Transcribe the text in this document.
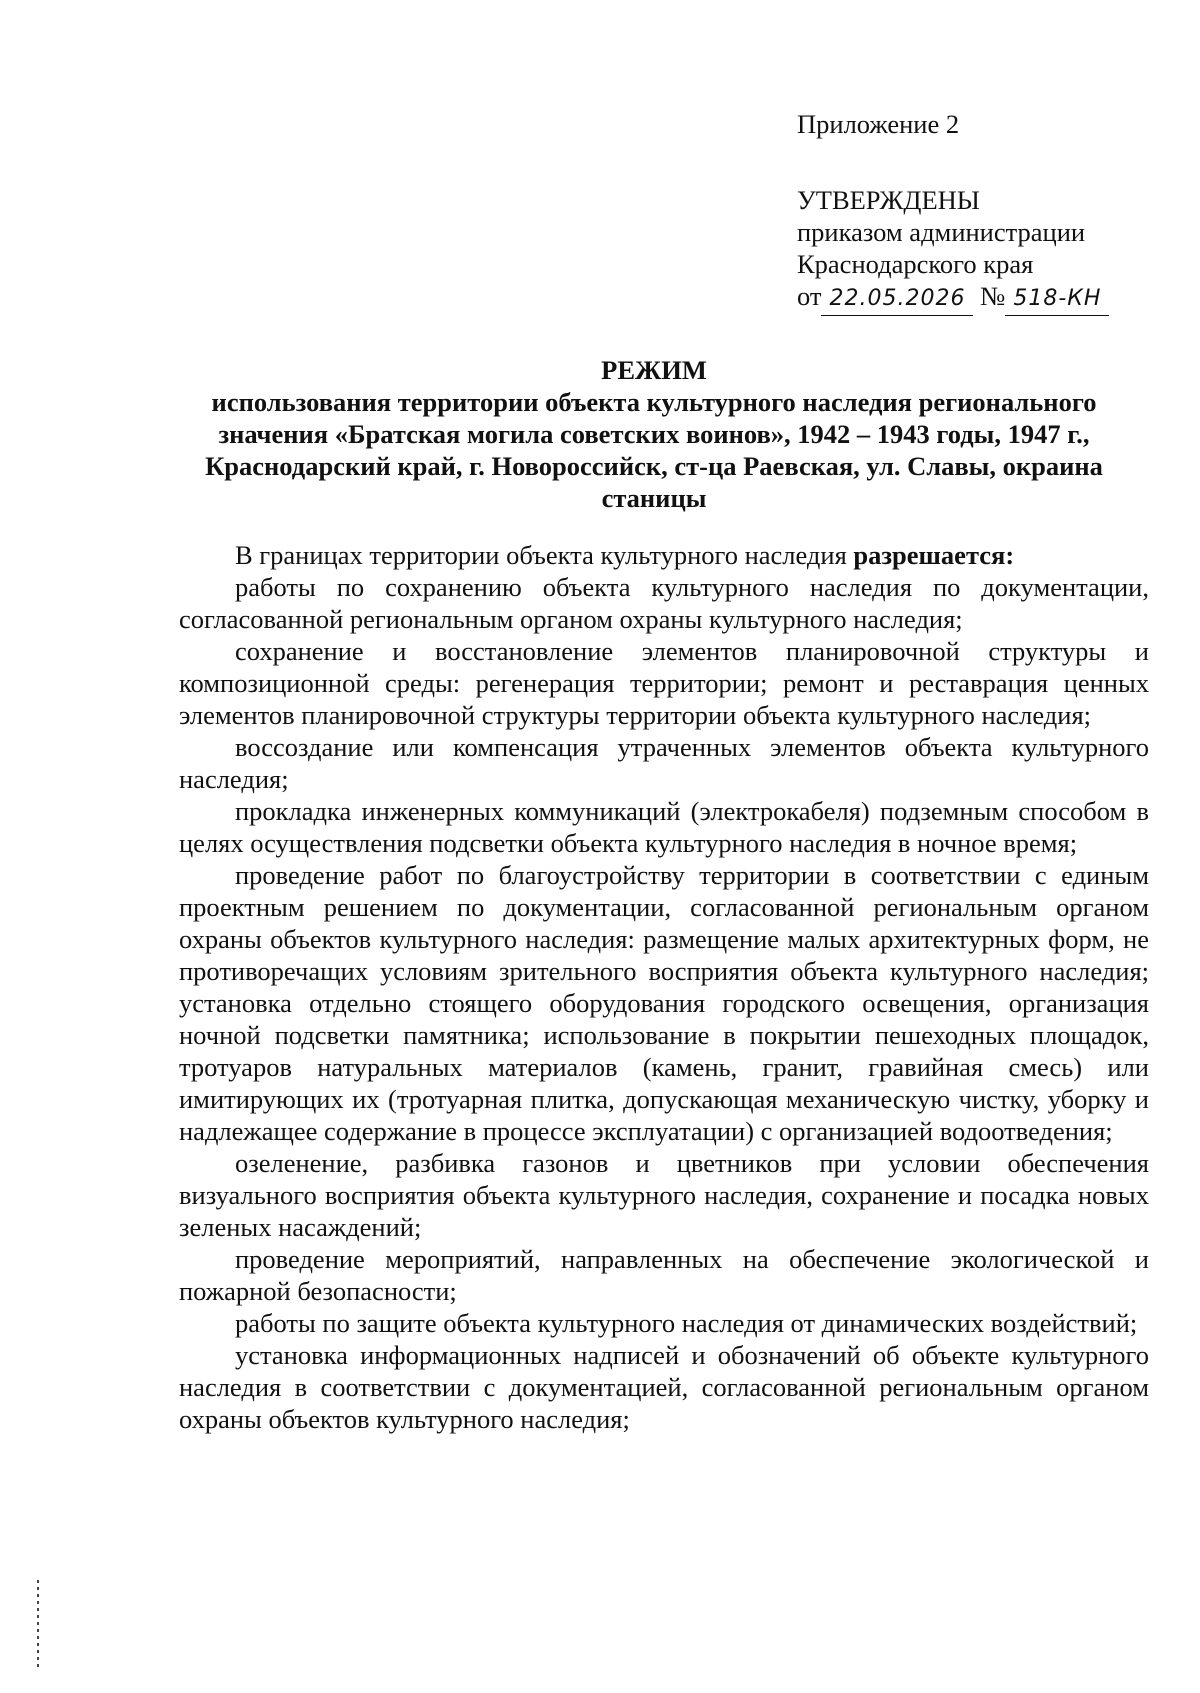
Приложение 2
УТВЕРЖДЕНЫ
приказом администрации
Краснодарского края
от 22.05.2026 № 518-КН
РЕЖИМ
использования территории объекта культурного наследия регионального значения «Братская могила советских воинов», 1942 – 1943 годы, 1947 г., Краснодарский край, г. Новороссийск, ст-ца Раевская, ул. Славы, окраина станицы

В границах территории объекта культурного наследия разрешается:

работы по сохранению объекта культурного наследия по документации, согласованной региональным органом охраны культурного наследия;

сохранение и восстановление элементов планировочной структуры и композиционной среды: регенерация территории; ремонт и реставрация ценных элементов планировочной структуры территории объекта культурного наследия;

воссоздание или компенсация утраченных элементов объекта культурного наследия;

прокладка инженерных коммуникаций (электрокабеля) подземным способом в целях осуществления подсветки объекта культурного наследия в ночное время;

проведение работ по благоустройству территории в соответствии с единым проектным решением по документации, согласованной региональным органом охраны объектов культурного наследия: размещение малых архитектурных форм, не противоречащих условиям зрительного восприятия объекта культурного наследия; установка отдельно стоящего оборудования городского освещения, организация ночной подсветки памятника; использование в покрытии пешеходных площадок, тротуаров натуральных материалов (камень, гранит, гравийная смесь) или имитирующих их (тротуарная плитка, допускающая механическую чистку, уборку и надлежащее содержание в процессе эксплуатации) с организацией водоотведения;

озеленение, разбивка газонов и цветников при условии обеспечения визуального восприятия объекта культурного наследия, сохранение и посадка новых зеленых насаждений;

проведение мероприятий, направленных на обеспечение экологической и пожарной безопасности;

работы по защите объекта культурного наследия от динамических воздействий;

установка информационных надписей и обозначений об объекте культурного наследия в соответствии с документацией, согласованной региональным органом охраны объектов культурного наследия;
